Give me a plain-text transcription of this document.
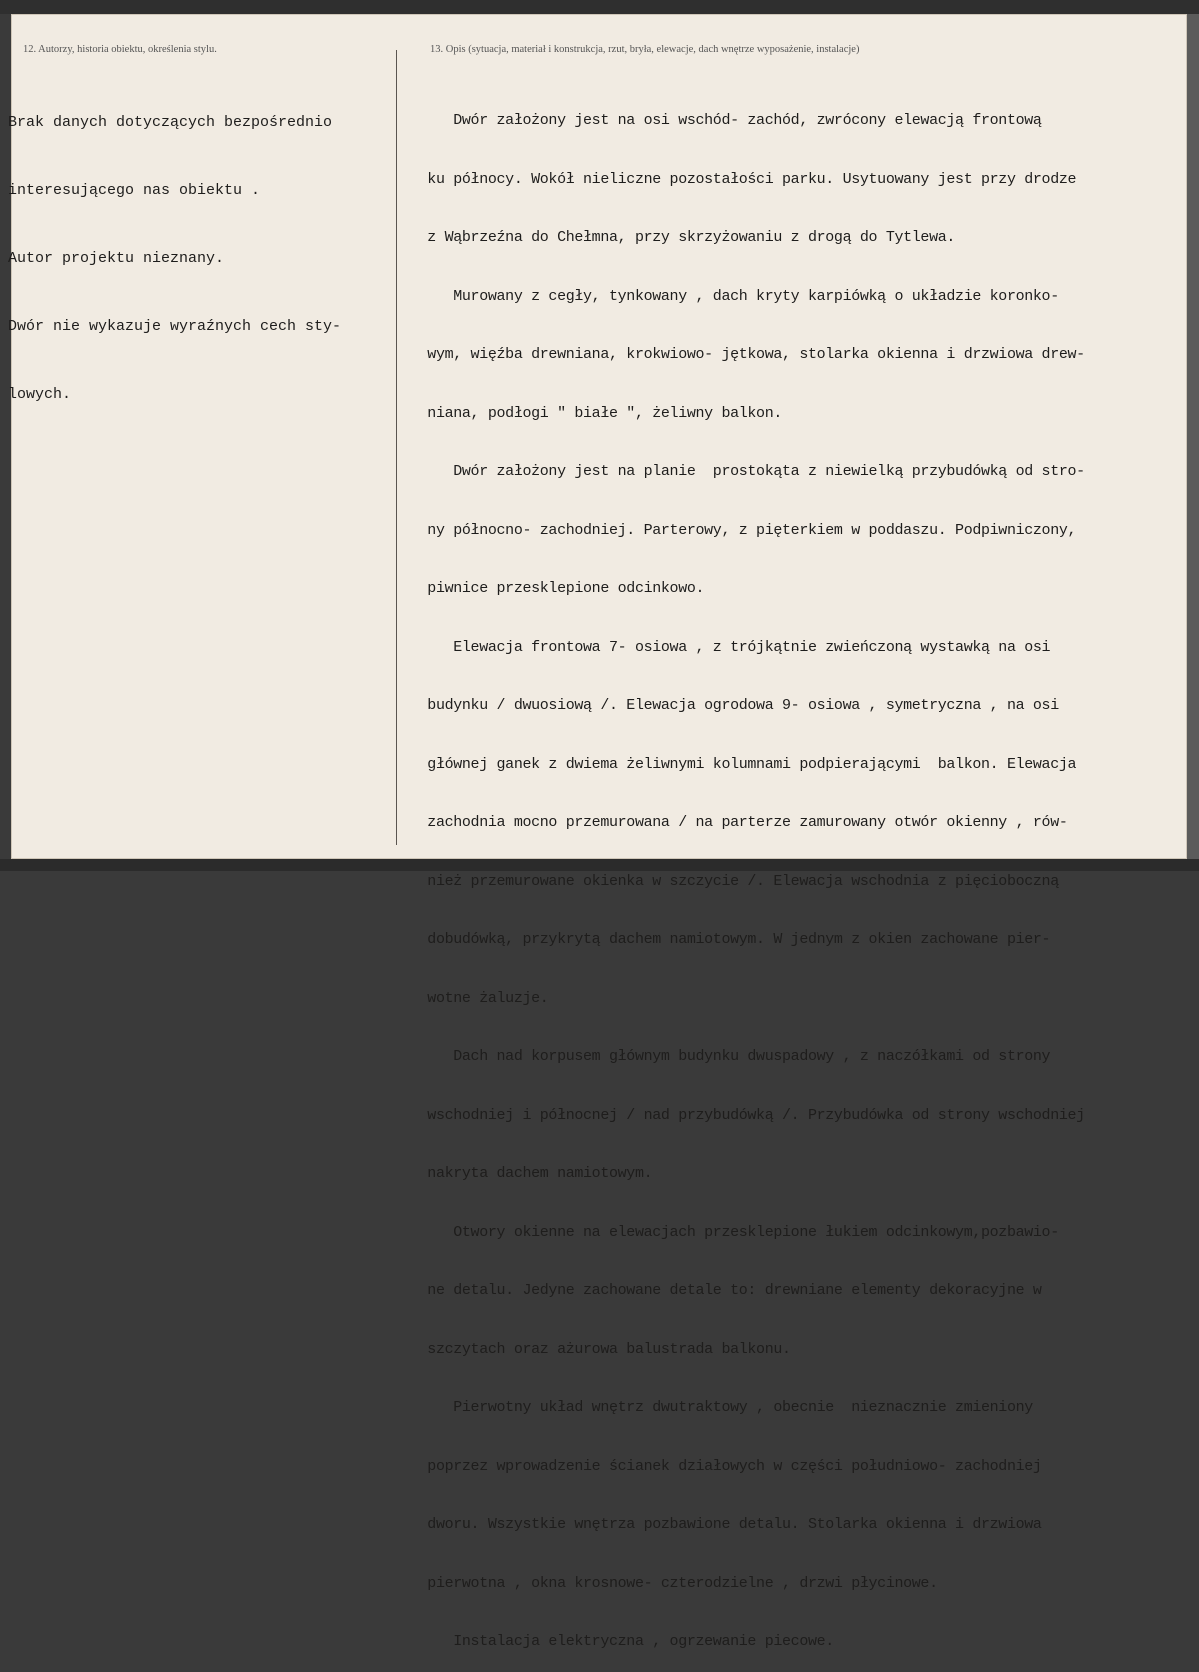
12. Autorzy, historia obiektu, określenia stylu.	13. Opis (sytuacja, materiał i konstrukcja, rzut, bryła, elewacje, dach wnętrze wyposażenie, instalacje)

Brak danych dotyczących bezpośrednio

interesującego nas obiektu .

Autor projektu nieznany.

Dwór nie wykazuje wyraźnych cech sty-

lowych.

Dwór założony jest na osi wschód- zachód, zwrócony elewacją frontową

ku północy. Wokół nieliczne pozostałości parku. Usytuowany jest przy drodze

z Wąbrzeźna do Chełmna, przy skrzyżowaniu z drogą do Tytlewa.

Murowany z cegły, tynkowany , dach kryty karpiówką o układzie koronko-

wym, więźba drewniana, krokwiowo- jętkowa, stolarka okienna i drzwiowa drew-

niana, podłogi " białe ", żeliwny balkon.

Dwór założony jest na planie  prostokąta z niewielką przybudówką od stro-

ny północno- zachodniej. Parterowy, z pięterkiem w poddaszu. Podpiwniczony,

piwnice przesklepione odcinkowo.

Elewacja frontowa 7- osiowa , z trójkątnie zwieńczoną wystawką na osi

budynku / dwuosiową /. Elewacja ogrodowa 9- osiowa , symetryczna , na osi

głównej ganek z dwiema żeliwnymi kolumnami podpierającymi  balkon. Elewacja

zachodnia mocno przemurowana / na parterze zamurowany otwór okienny , rów-

nież przemurowane okienka w szczycie /. Elewacja wschodnia z pięcioboczną

dobudówką, przykrytą dachem namiotowym. W jednym z okien zachowane pier-

wotne żaluzje.

Dach nad korpusem głównym budynku dwuspadowy , z naczółkami od strony

wschodniej i północnej / nad przybudówką /. Przybudówka od strony wschodniej

nakryta dachem namiotowym.

Otwory okienne na elewacjach przesklepione łukiem odcinkowym,pozbawio-

ne detalu. Jedyne zachowane detale to: drewniane elementy dekoracyjne w

szczytach oraz ażurowa balustrada balkonu.

Pierwotny układ wnętrz dwutraktowy , obecnie  nieznacznie zmieniony

poprzez wprowadzenie ścianek działowych w części południowo- zachodniej

dworu. Wszystkie wnętrza pozbawione detalu. Stolarka okienna i drzwiowa

pierwotna , okna krosnowe- czterodzielne , drzwi płycinowe.

Instalacja elektryczna , ogrzewanie piecowe.
